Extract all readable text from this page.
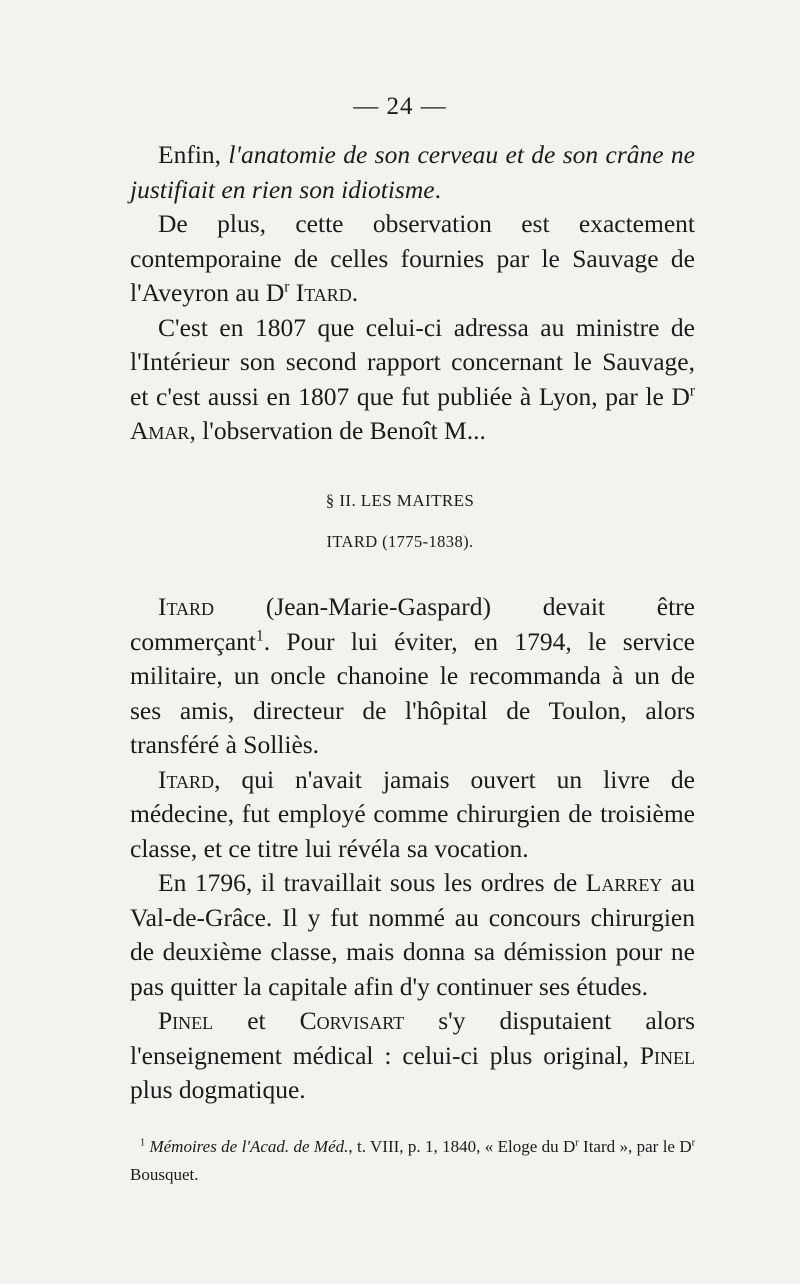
— 24 —

Enfin, l'anatomie de son cerveau et de son crâne ne justifiait en rien son idiotisme.

De plus, cette observation est exactement contemporaine de celles fournies par le Sauvage de l'Aveyron au $D^r$ Itard.

C'est en 1807 que celui-ci adressa au ministre de l'Intérieur son second rapport concernant le Sauvage, et c'est aussi en 1807 que fut publiée à Lyon, par le $D^r$ Amar, l'observation de Benoît M...

§ II. LES MAITRES
ITARD (1775-1838).

Itard (Jean-Marie-Gaspard) devait être commerçant$^1$. Pour lui éviter, en 1794, le service militaire, un oncle chanoine le recommanda à un de ses amis, directeur de l'hôpital de Toulon, alors transféré à Solliès.

Itard, qui n'avait jamais ouvert un livre de médecine, fut employé comme chirurgien de troisième classe, et ce titre lui révéla sa vocation.

En 1796, il travaillait sous les ordres de Larrey au Val-de-Grâce. Il y fut nommé au concours chirurgien de deuxième classe, mais donna sa démission pour ne pas quitter la capitale afin d'y continuer ses études.

Pinel et Corvisart s'y disputaient alors l'enseignement médical : celui-ci plus original, Pinel plus dogmatique.

$^1$ Mémoires de l'Acad. de Méd., t. VIII, p. 1, 1840, « Eloge du $D^r$ Itard », par le $D^r$ Bousquet.
